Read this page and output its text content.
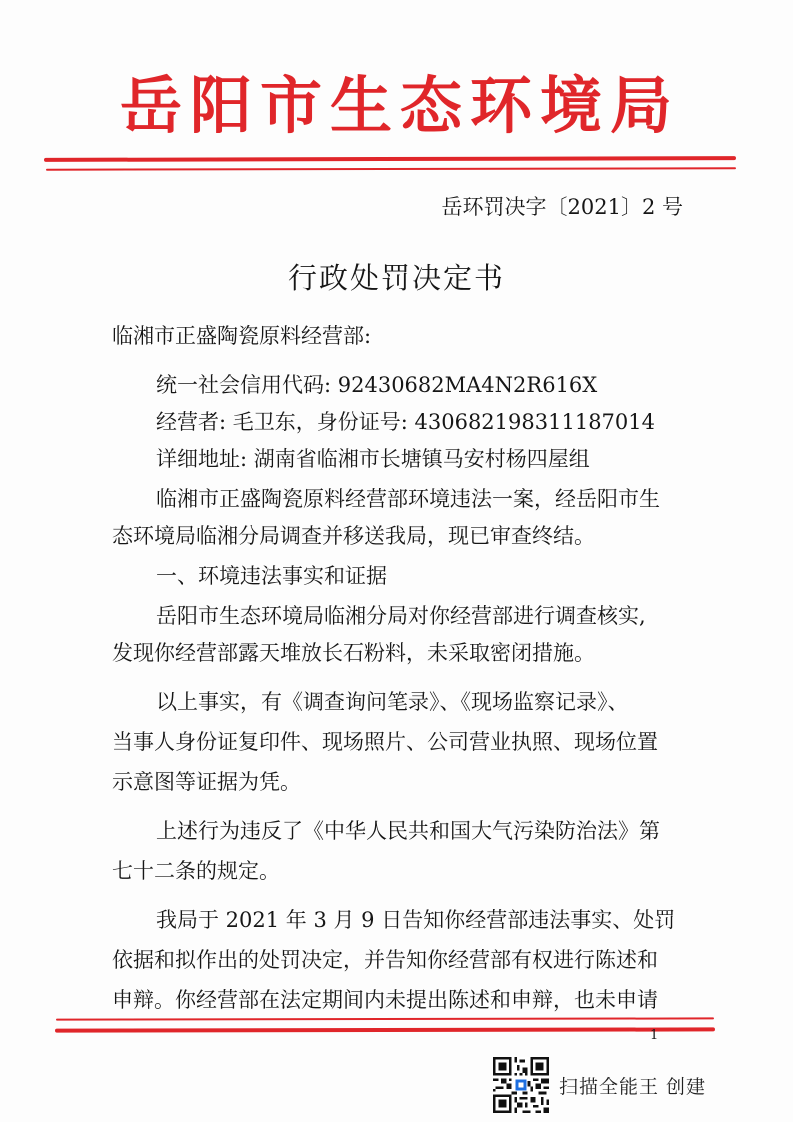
岳阳市生态环境局
岳环罚决字〔2021〕2 号
行政处罚决定书
临湘市正盛陶瓷原料经营部:
统一社会信用代码: 92430682MA4N2R616X
经营者: 毛卫东，身份证号: 430682198311187014
详细地址: 湖南省临湘市长塘镇马安村杨四屋组
临湘市正盛陶瓷原料经营部环境违法一案，经岳阳市生
态环境局临湘分局调查并移送我局，现已审查终结。
一、环境违法事实和证据
岳阳市生态环境局临湘分局对你经营部进行调查核实,
发现你经营部露天堆放长石粉料，未采取密闭措施。
以上事实，有《调查询问笔录》、《现场监察记录》、
当事人身份证复印件、现场照片、公司营业执照、现场位置
示意图等证据为凭。
上述行为违反了《中华人民共和国大气污染防治法》第
七十二条的规定。
我局于 2021 年 3 月 9 日告知你经营部违法事实、处罚
依据和拟作出的处罚决定，并告知你经营部有权进行陈述和
申辩。你经营部在法定期间内未提出陈述和申辩，也未申请
1
扫描全能王 创建
